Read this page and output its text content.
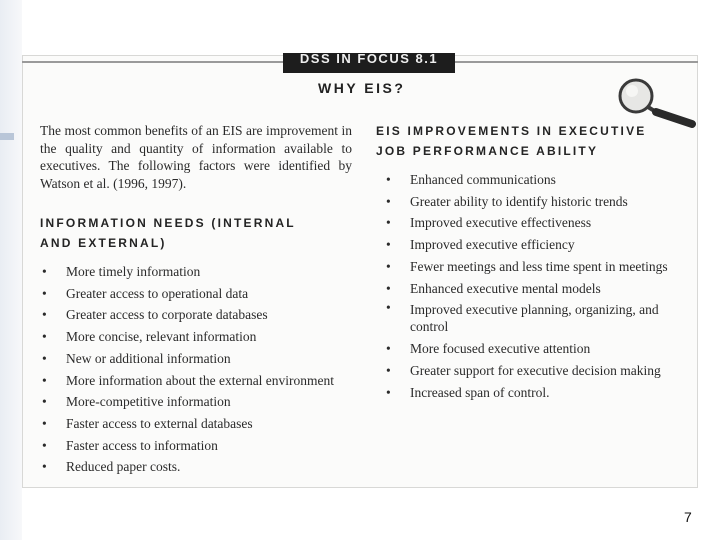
DSS IN FOCUS 8.1
WHY EIS?
The most common benefits of an EIS are improvement in the quality and quantity of information available to executives. The following factors were identified by Watson et al. (1996, 1997).
INFORMATION NEEDS (INTERNAL
AND EXTERNAL)
• More timely information
• Greater access to operational data
• Greater access to corporate databases
• More concise, relevant information
• New or additional information
• More information about the external environment
• More-competitive information
• Faster access to external databases
• Faster access to information
• Reduced paper costs.
EIS IMPROVEMENTS IN EXECUTIVE
JOB PERFORMANCE ABILITY
• Enhanced communications
• Greater ability to identify historic trends
• Improved executive effectiveness
• Improved executive efficiency
• Fewer meetings and less time spent in meetings
• Enhanced executive mental models
• Improved executive planning, organizing, and control
• More focused executive attention
• Greater support for executive decision making
• Increased span of control.
7
